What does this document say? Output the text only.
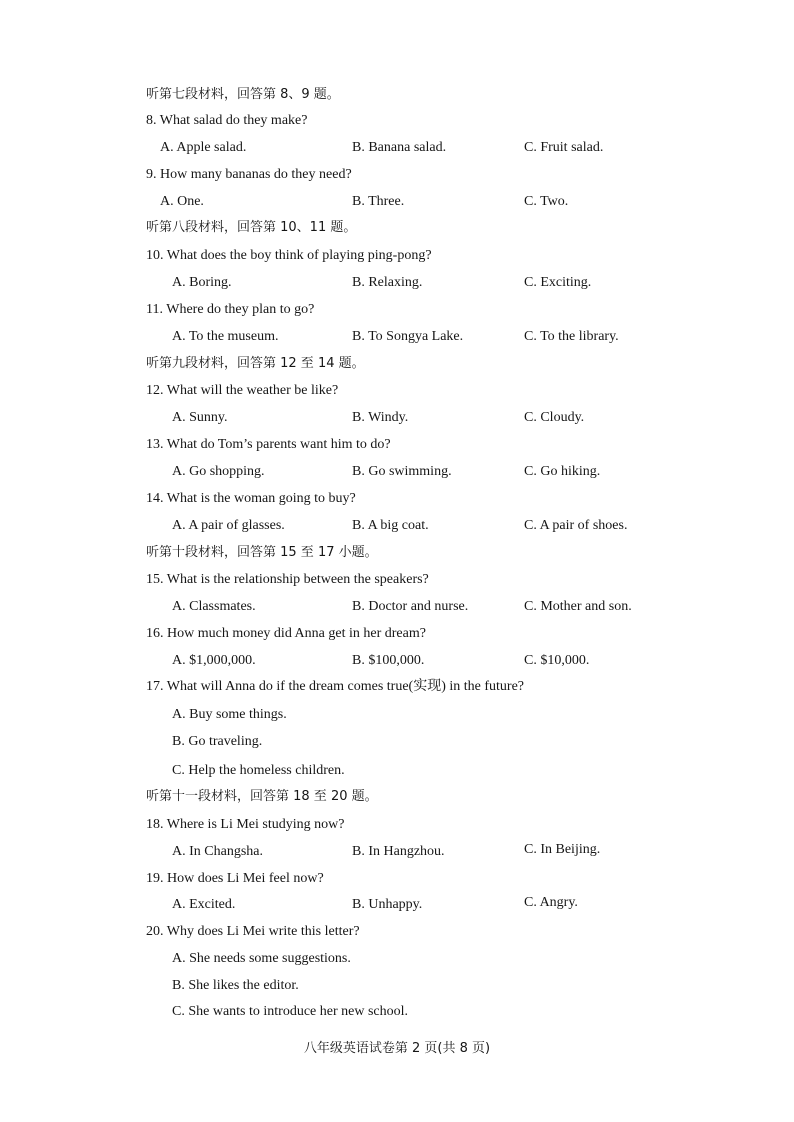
听第七段材料，回答第 8、9 题。
8. What salad do they make?
A. Apple salad.	B. Banana salad.	C. Fruit salad.
9. How many bananas do they need?
A. One.	B. Three.	C. Two.
听第八段材料，回答第 10、11 题。
10. What does the boy think of playing ping-pong?
A. Boring.	B. Relaxing.	C. Exciting.
11. Where do they plan to go?
A. To the museum.	B. To Songya Lake.	C. To the library.
听第九段材料，回答第 12 至 14 题。
12. What will the weather be like?
A. Sunny.	B. Windy.	C. Cloudy.
13. What do Tom’s parents want him to do?
A. Go shopping.	B. Go swimming.	C. Go hiking.
14. What is the woman going to buy?
A. A pair of glasses.	B. A big coat.	C. A pair of shoes.
听第十段材料，回答第 15 至 17 小题。
15. What is the relationship between the speakers?
A. Classmates.	B. Doctor and nurse.	C. Mother and son.
16. How much money did Anna get in her dream?
A. $1,000,000.	B. $100,000.	C. $10,000.
17. What will Anna do if the dream comes true(实现) in the future?
A. Buy some things.
B. Go traveling.
C. Help the homeless children.
听第十一段材料，回答第 18 至 20 题。
18. Where is Li Mei studying now?
A. In Changsha.	B. In Hangzhou.	C. In Beijing.
19. How does Li Mei feel now?
A. Excited.	B. Unhappy.	C. Angry.
20. Why does Li Mei write this letter?
A. She needs some suggestions.
B. She likes the editor.
C. She wants to introduce her new school.
八年级英语试卷第 2 页(共 8 页)
